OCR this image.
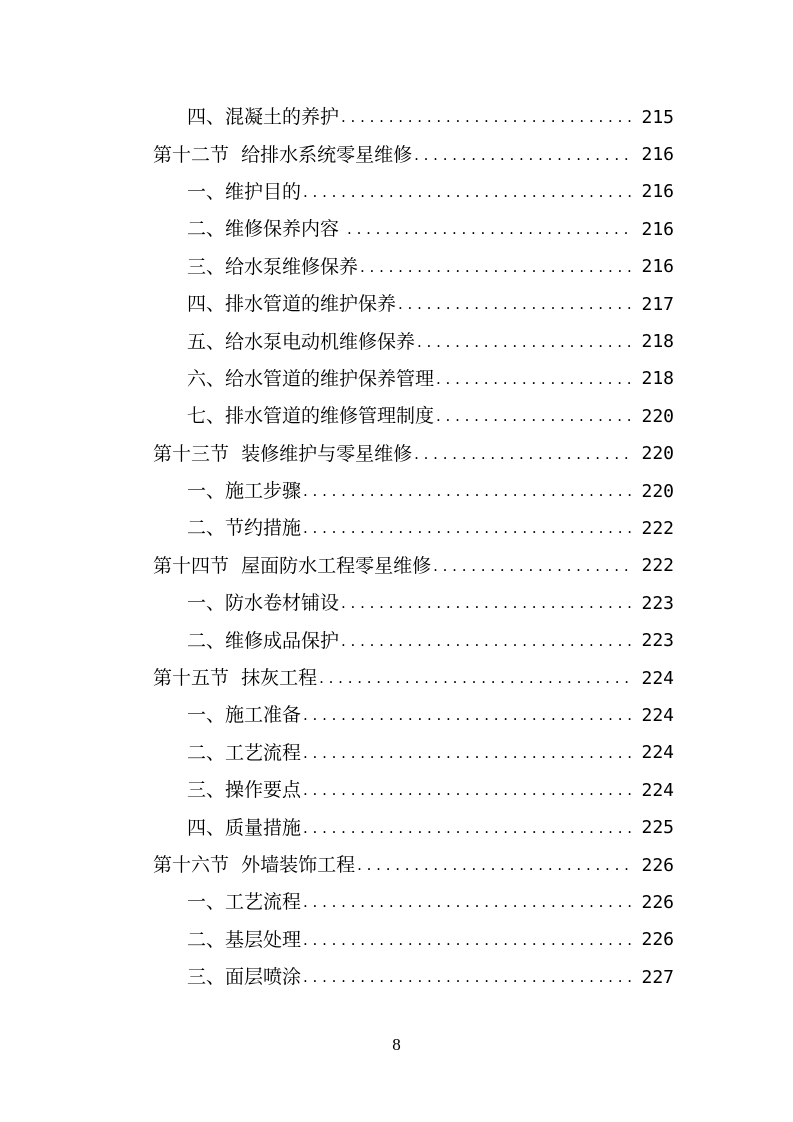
四、混凝土的养护 . . .	215
第十二节  给排水系统零星维修 . . .	216
一、维护目的 . . .	216
二、维修保养内容 . . .	216
三、给水泵维修保养 . . .	216
四、排水管道的维护保养 . . .	217
五、给水泵电动机维修保养 . . .	218
六、给水管道的维护保养管理 . . .	218
七、排水管道的维修管理制度 . . .	220
第十三节  装修维护与零星维修 . . .	220
一、施工步骤 . . .	220
二、节约措施 . . .	222
第十四节  屋面防水工程零星维修 . . .	222
一、防水卷材铺设 . . .	223
二、维修成品保护 . . .	223
第十五节  抹灰工程 . . .	224
一、施工准备 . . .	224
二、工艺流程 . . .	224
三、操作要点 . . .	224
四、质量措施 . . .	225
第十六节  外墙装饰工程 . . .	226
一、工艺流程 . . .	226
二、基层处理 . . .	226
三、面层喷涂 . . .	227
8
